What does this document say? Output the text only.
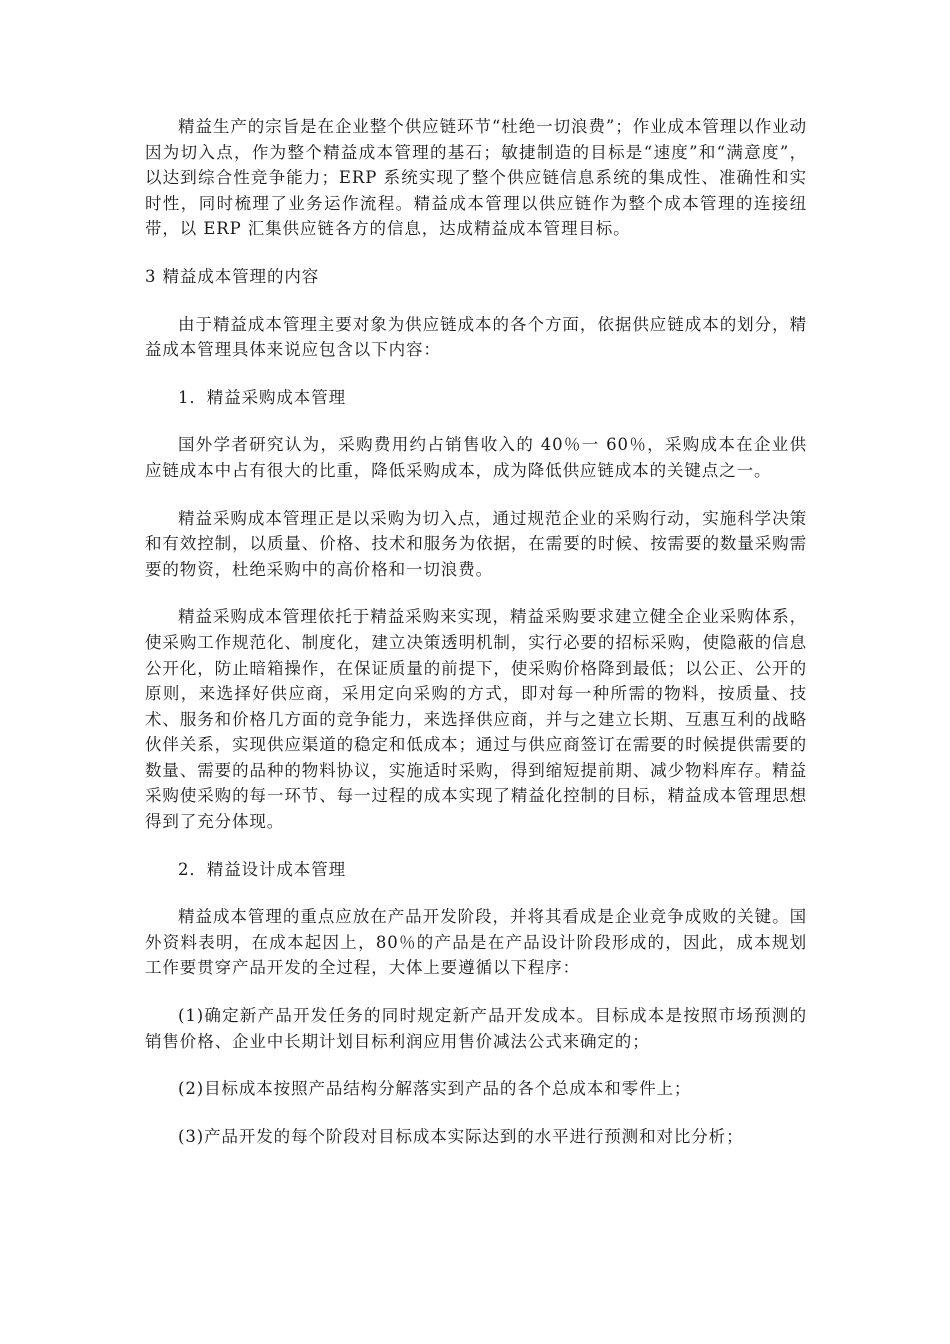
精益生产的宗旨是在企业整个供应链环节“杜绝一切浪费”；作业成本管理以作业动因为切入点，作为整个精益成本管理的基石；敏捷制造的目标是“速度”和“满意度”，以达到综合性竞争能力；ERP 系统实现了整个供应链信息系统的集成性、准确性和实时性，同时梳理了业务运作流程。精益成本管理以供应链作为整个成本管理的连接纽带，以 ERP 汇集供应链各方的信息，达成精益成本管理目标。

3 精益成本管理的内容

由于精益成本管理主要对象为供应链成本的各个方面，依据供应链成本的划分，精益成本管理具体来说应包含以下内容：

1．精益采购成本管理

国外学者研究认为，采购费用约占销售收入的 40％一 60％，采购成本在企业供应链成本中占有很大的比重，降低采购成本，成为降低供应链成本的关键点之一。

精益采购成本管理正是以采购为切入点，通过规范企业的采购行动，实施科学决策和有效控制，以质量、价格、技术和服务为依据，在需要的时候、按需要的数量采购需要的物资，杜绝采购中的高价格和一切浪费。

精益采购成本管理依托于精益采购来实现，精益采购要求建立健全企业采购体系，使采购工作规范化、制度化，建立决策透明机制，实行必要的招标采购，使隐蔽的信息公开化，防止暗箱操作，在保证质量的前提下，使采购价格降到最低；以公正、公开的原则，来选择好供应商，采用定向采购的方式，即对每一种所需的物料，按质量、技术、服务和价格几方面的竞争能力，来选择供应商，并与之建立长期、互惠互利的战略伙伴关系，实现供应渠道的稳定和低成本；通过与供应商签订在需要的时候提供需要的数量、需要的品种的物料协议，实施适时采购，得到缩短提前期、减少物料库存。精益采购使采购的每一环节、每一过程的成本实现了精益化控制的目标，精益成本管理思想得到了充分体现。

2．精益设计成本管理

精益成本管理的重点应放在产品开发阶段，并将其看成是企业竞争成败的关键。国外资料表明，在成本起因上，80％的产品是在产品设计阶段形成的，因此，成本规划工作要贯穿产品开发的全过程，大体上要遵循以下程序：

(1)确定新产品开发任务的同时规定新产品开发成本。目标成本是按照市场预测的销售价格、企业中长期计划目标利润应用售价减法公式来确定的；

(2)目标成本按照产品结构分解落实到产品的各个总成本和零件上；

(3)产品开发的每个阶段对目标成本实际达到的水平进行预测和对比分析；
